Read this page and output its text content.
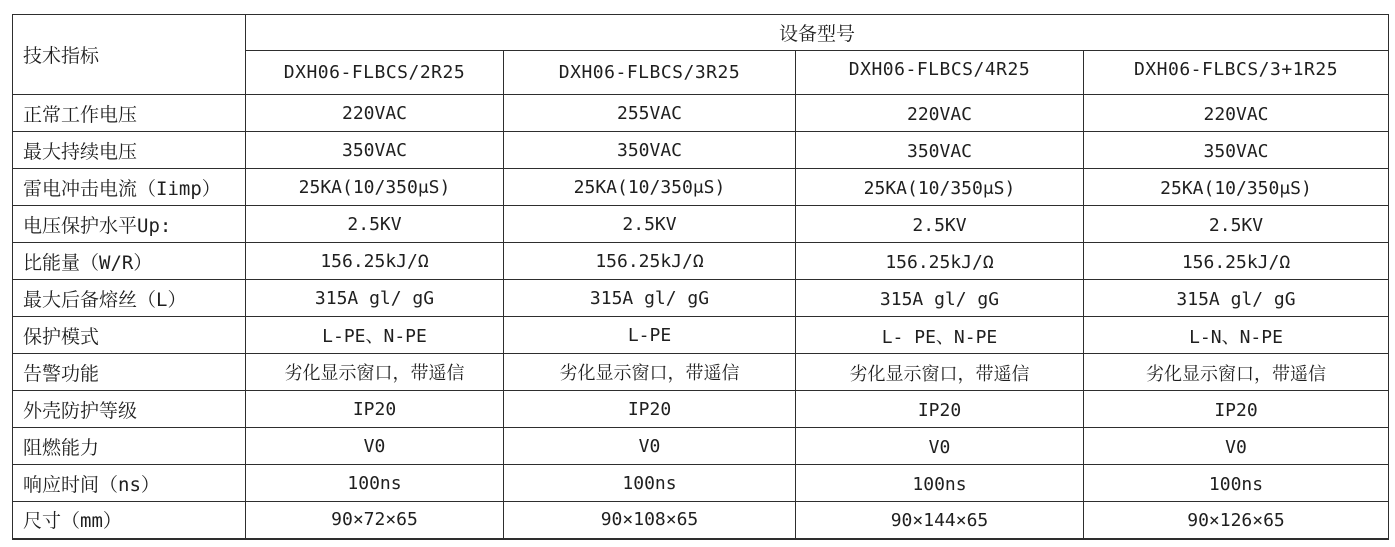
技术指标	设备型号			
	DXH06-FLBCS/2R25	DXH06-FLBCS/3R25	DXH06-FLBCS/4R25	DXH06-FLBCS/3+1R25
正常工作电压	220VAC	255VAC	220VAC	220VAC
最大持续电压	350VAC	350VAC	350VAC	350VAC
雷电冲击电流（Iimp）	25KA(10/350μS)	25KA(10/350μS)	25KA(10/350μS)	25KA(10/350μS)
电压保护水平Up:	2.5KV	2.5KV	2.5KV	2.5KV
比能量（W/R）	156.25kJ/Ω	156.25kJ/Ω	156.25kJ/Ω	156.25kJ/Ω
最大后备熔丝（L）	315A gl/ gG	315A gl/ gG	315A gl/ gG	315A gl/ gG
保护模式	L-PE、N-PE	L-PE	L- PE、N-PE	L-N、N-PE
告警功能	劣化显示窗口，带遥信	劣化显示窗口，带遥信	劣化显示窗口，带遥信	劣化显示窗口，带遥信
外壳防护等级	IP20	IP20	IP20	IP20
阻燃能力	V0	V0	V0	V0
响应时间（ns）	100ns	100ns	100ns	100ns
尺寸（mm）	90×72×65	90×108×65	90×144×65	90×126×65
